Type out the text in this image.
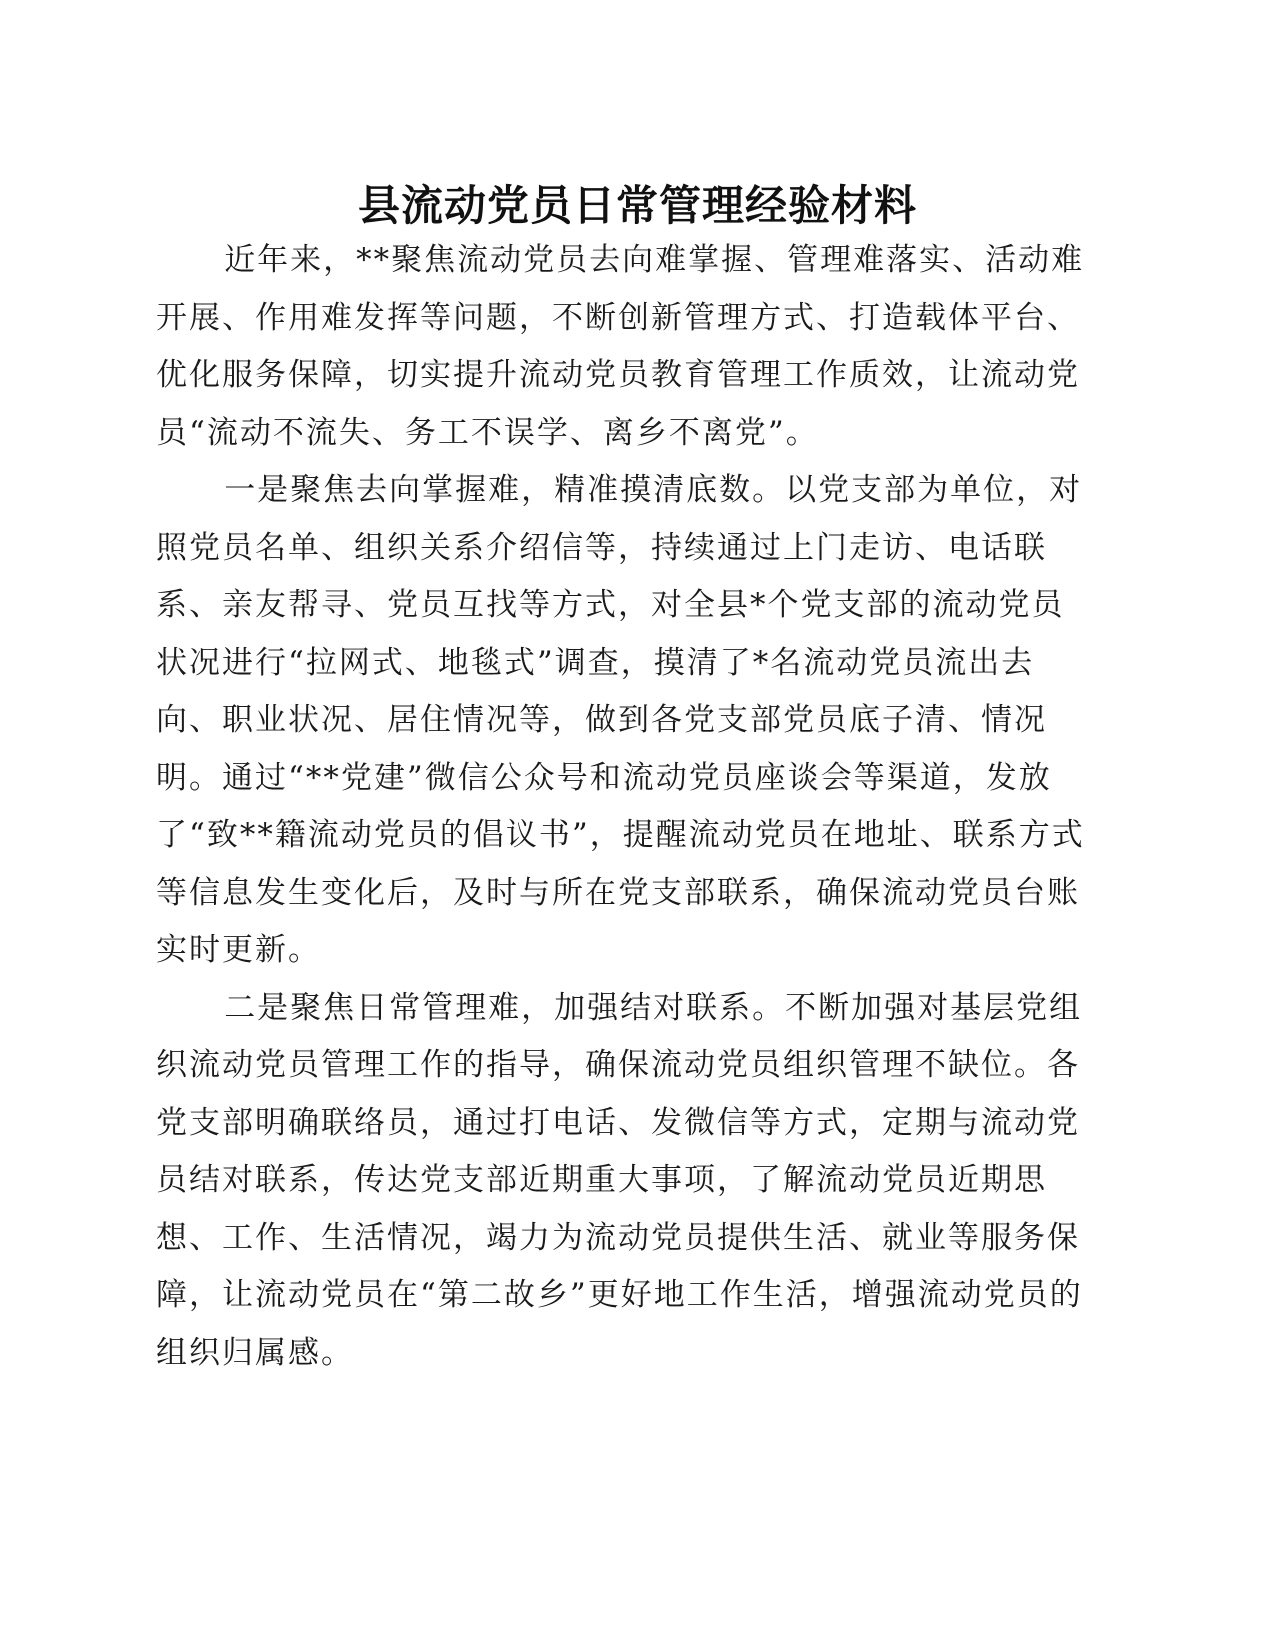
县流动党员日常管理经验材料

近年来，**聚焦流动党员去向难掌握、管理难落实、活动难开展、作用难发挥等问题，不断创新管理方式、打造载体平台、优化服务保障，切实提升流动党员教育管理工作质效，让流动党员“流动不流失、务工不误学、离乡不离党”。

一是聚焦去向掌握难，精准摸清底数。以党支部为单位，对照党员名单、组织关系介绍信等，持续通过上门走访、电话联系、亲友帮寻、党员互找等方式，对全县*个党支部的流动党员状况进行“拉网式、地毯式”调查，摸清了*名流动党员流出去向、职业状况、居住情况等，做到各党支部党员底子清、情况明。通过“**党建”微信公众号和流动党员座谈会等渠道，发放了“致**籍流动党员的倡议书”，提醒流动党员在地址、联系方式等信息发生变化后，及时与所在党支部联系，确保流动党员台账实时更新。

二是聚焦日常管理难，加强结对联系。不断加强对基层党组织流动党员管理工作的指导，确保流动党员组织管理不缺位。各党支部明确联络员，通过打电话、发微信等方式，定期与流动党员结对联系，传达党支部近期重大事项，了解流动党员近期思想、工作、生活情况，竭力为流动党员提供生活、就业等服务保障，让流动党员在“第二故乡”更好地工作生活，增强流动党员的组织归属感。
